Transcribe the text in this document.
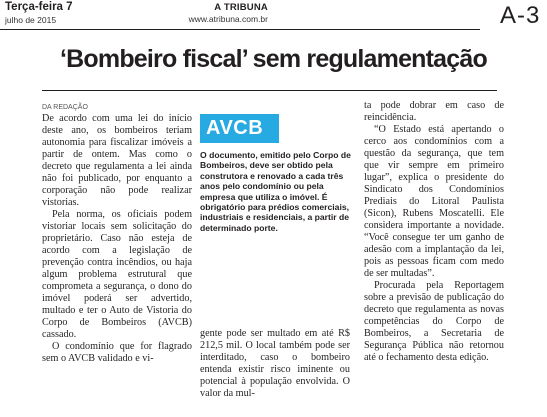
Terça-feira 7
julho de 2015
A TRIBUNA
www.atribuna.com.br	A-3
‘Bombeiro fiscal’ sem regulamentação
DA REDAÇÃO

De acordo com uma lei do início deste ano, os bombeiros teriam autonomia para fiscalizar imóveis a partir de ontem. Mas como o decreto que regulamenta a lei ainda não foi publicado, por enquanto a corporação não pode realizar vistorias.

Pela norma, os oficiais podem vistoriar locais sem solicitação do proprietário. Caso não esteja de acordo com a legislação de prevenção contra incêndios, ou haja algum problema estrutural que comprometa a segurança, o dono do imóvel poderá ser advertido, multado e ter o Auto de Vistoria do Corpo de Bombeiros (AVCB) cassado.

O condomínio que for flagrado sem o AVCB validado e vi-

AVCB
O documento, emitido pelo Corpo de Bombeiros, deve ser obtido pela construtora e renovado a cada três anos pelo condomínio ou pela empresa que utiliza o imóvel. É obrigatório para prédios comerciais, industriais e residenciais, a partir de determinado porte.

gente pode ser multado em até R$ 212,5 mil. O local também pode ser interditado, caso o bombeiro entenda existir risco iminente ou potencial à população envolvida. O valor da mul-

ta pode dobrar em caso de reincidência.

“O Estado está apertando o cerco aos condomínios com a questão da segurança, que tem que vir sempre em primeiro lugar”, explica o presidente do Sindicato dos Condomínios Prediais do Litoral Paulista (Sicon), Rubens Moscatelli. Ele considera importante a novidade. “Você consegue ter um ganho de adesão com a implantação da lei, pois as pessoas ficam com medo de ser multadas”.

Procurada pela Reportagem sobre a previsão de publicação do decreto que regulamenta as novas competências do Corpo de Bombeiros, a Secretaria de Segurança Pública não retornou até o fechamento desta edição.
